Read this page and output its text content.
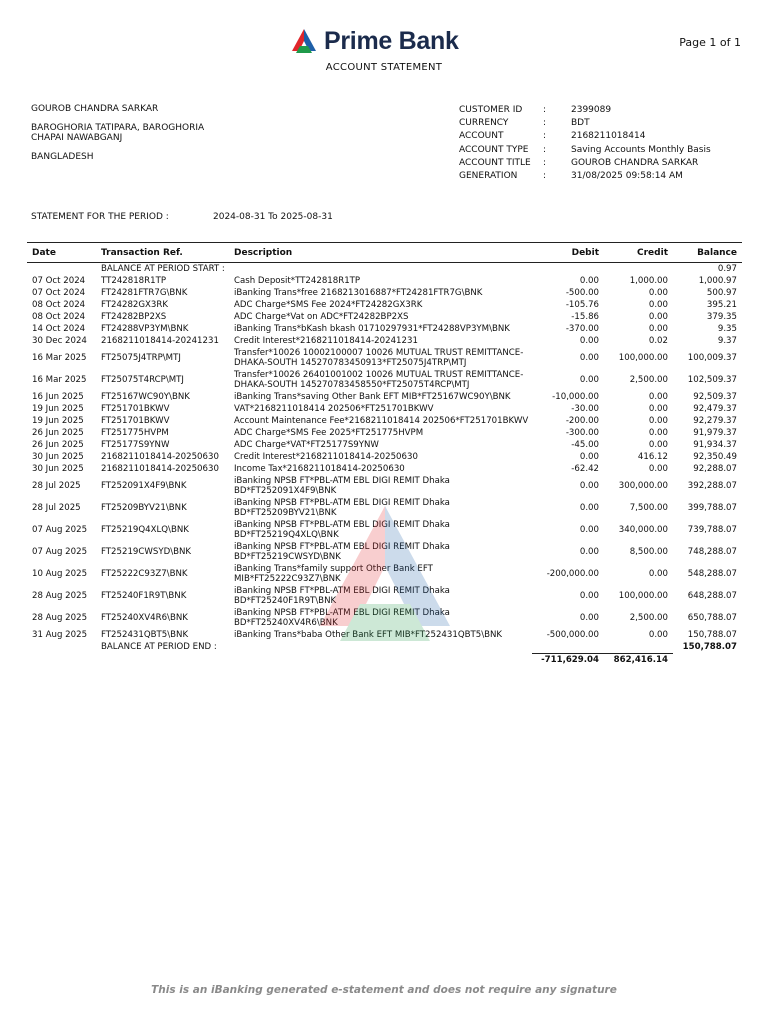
Prime Bank	Page 1 of 1
ACCOUNT STATEMENT
GOUROB CHANDRA SARKAR
BAROGHORIA TATIPARA, BAROGHORIA
CHAPAI NAWABGANJ
BANGLADESH
CUSTOMER ID	:	2399089
CURRENCY	:	BDT
ACCOUNT	:	2168211018414
ACCOUNT TYPE	:	Saving Accounts Monthly Basis
ACCOUNT TITLE	:	GOUROB CHANDRA SARKAR
GENERATION	:	31/08/2025 09:58:14 AM
STATEMENT FOR THE PERIOD :	2024-08-31 To 2025-08-31
Date	Transaction Ref.	Description	Debit	Credit	Balance
	BALANCE AT PERIOD START :				0.97
07 Oct 2024	TT242818R1TP	Cash Deposit*TT242818R1TP	0.00	1,000.00	1,000.97
07 Oct 2024	FT24281FTR7G\BNK	iBanking Trans*free 2168213016887*FT24281FTR7G\BNK	-500.00	0.00	500.97
08 Oct 2024	FT24282GX3RK	ADC Charge*SMS Fee 2024*FT24282GX3RK	-105.76	0.00	395.21
08 Oct 2024	FT24282BP2XS	ADC Charge*Vat on ADC*FT24282BP2XS	-15.86	0.00	379.35
14 Oct 2024	FT24288VP3YM\BNK	iBanking Trans*bKash bkash 01710297931*FT24288VP3YM\BNK	-370.00	0.00	9.35
30 Dec 2024	2168211018414-20241231	Credit Interest*2168211018414-20241231	0.00	0.02	9.37
16 Mar 2025	FT25075J4TRP\MTJ	Transfer*10026 10002100007 10026 MUTUAL TRUST REMITTANCE-DHAKA-SOUTH 145270783450913*FT25075J4TRP\MTJ	0.00	100,000.00	100,009.37
16 Mar 2025	FT25075T4RCP\MTJ	Transfer*10026 26401001002 10026 MUTUAL TRUST REMITTANCE-DHAKA-SOUTH 145270783458550*FT25075T4RCP\MTJ	0.00	2,500.00	102,509.37
16 Jun 2025	FT25167WC90Y\BNK	iBanking Trans*saving Other Bank EFT MIB*FT25167WC90Y\BNK	-10,000.00	0.00	92,509.37
19 Jun 2025	FT251701BKWV	VAT*2168211018414 202506*FT251701BKWV	-30.00	0.00	92,479.37
19 Jun 2025	FT251701BKWV	Account Maintenance Fee*2168211018414 202506*FT251701BKWV	-200.00	0.00	92,279.37
26 Jun 2025	FT251775HVPM	ADC Charge*SMS Fee 2025*FT251775HVPM	-300.00	0.00	91,979.37
26 Jun 2025	FT25177S9YNW	ADC Charge*VAT*FT25177S9YNW	-45.00	0.00	91,934.37
30 Jun 2025	2168211018414-20250630	Credit Interest*2168211018414-20250630	0.00	416.12	92,350.49
30 Jun 2025	2168211018414-20250630	Income Tax*2168211018414-20250630	-62.42	0.00	92,288.07
28 Jul 2025	FT252091X4F9\BNK	iBanking NPSB FT*PBL-ATM EBL DIGI REMIT Dhaka BD*FT252091X4F9\BNK	0.00	300,000.00	392,288.07
28 Jul 2025	FT25209BYV21\BNK	iBanking NPSB FT*PBL-ATM EBL DIGI REMIT Dhaka BD*FT25209BYV21\BNK	0.00	7,500.00	399,788.07
07 Aug 2025	FT25219Q4XLQ\BNK	iBanking NPSB FT*PBL-ATM EBL DIGI REMIT Dhaka BD*FT25219Q4XLQ\BNK	0.00	340,000.00	739,788.07
07 Aug 2025	FT25219CWSYD\BNK	iBanking NPSB FT*PBL-ATM EBL DIGI REMIT Dhaka BD*FT25219CWSYD\BNK	0.00	8,500.00	748,288.07
10 Aug 2025	FT25222C93Z7\BNK	iBanking Trans*family support Other Bank EFT MIB*FT25222C93Z7\BNK	-200,000.00	0.00	548,288.07
28 Aug 2025	FT25240F1R9T\BNK	iBanking NPSB FT*PBL-ATM EBL DIGI REMIT Dhaka BD*FT25240F1R9T\BNK	0.00	100,000.00	648,288.07
28 Aug 2025	FT25240XV4R6\BNK	iBanking NPSB FT*PBL-ATM EBL DIGI REMIT Dhaka BD*FT25240XV4R6\BNK	0.00	2,500.00	650,788.07
31 Aug 2025	FT252431QBT5\BNK	iBanking Trans*baba Other Bank EFT MIB*FT252431QBT5\BNK	-500,000.00	0.00	150,788.07
	BALANCE AT PERIOD END :				150,788.07
			-711,629.04	862,416.14	
This is an iBanking generated e-statement and does not require any signature
